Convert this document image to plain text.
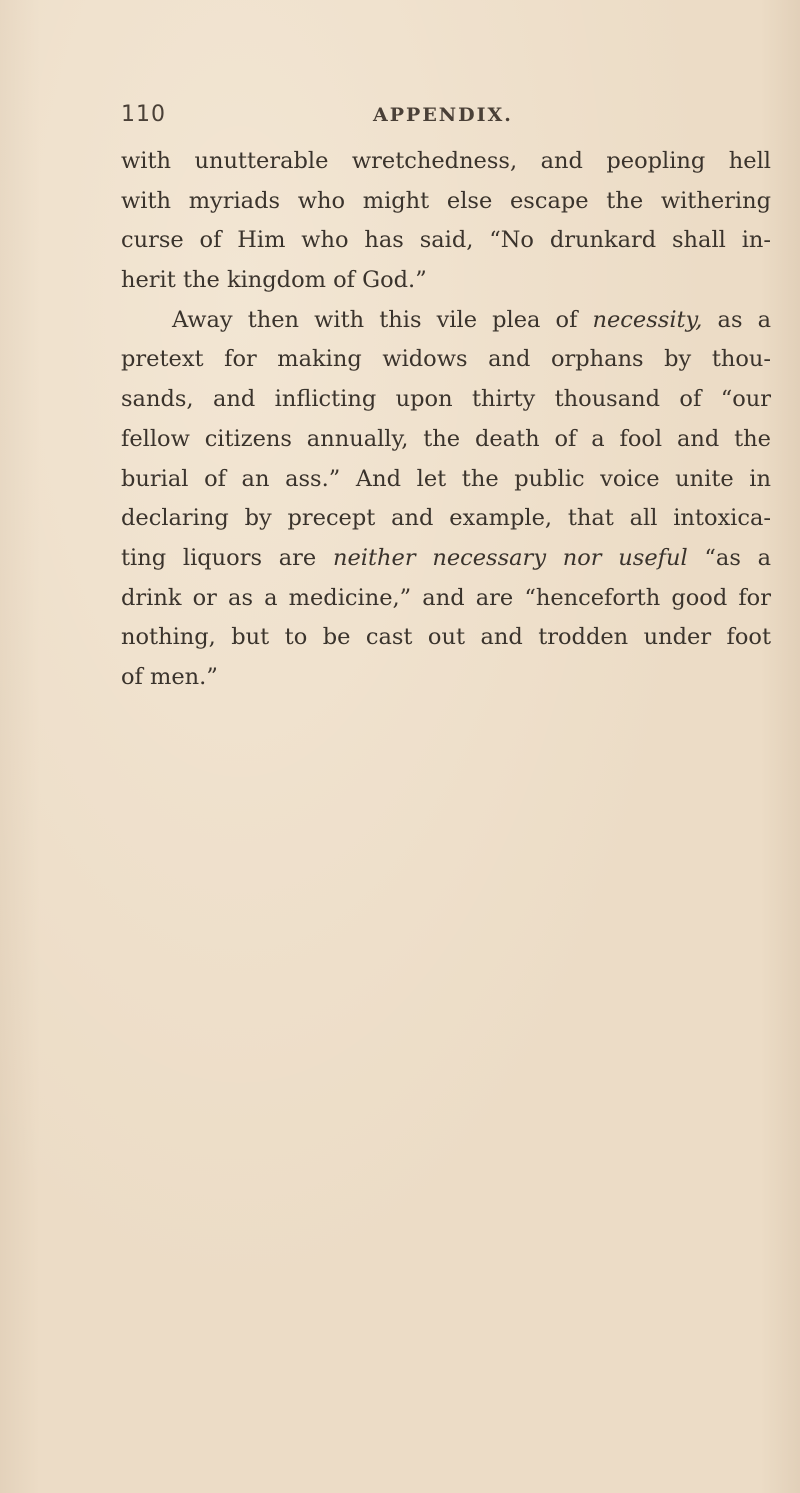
110	APPENDIX.
with unutterable wretchedness, and peopling hell
with myriads who might else escape the withering
curse of Him who has said, “No drunkard shall in-
herit the kingdom of God.”
Away then with this vile plea of necessity, as a
pretext for making widows and orphans by thou-
sands, and inflicting upon thirty thousand of “our
fellow citizens annually, the death of a fool and the
burial of an ass.” And let the public voice unite in
declaring by precept and example, that all intoxica-
ting liquors are neither necessary nor useful “as a
drink or as a medicine,” and are “henceforth good for
nothing, but to be cast out and trodden under foot
of men.”
